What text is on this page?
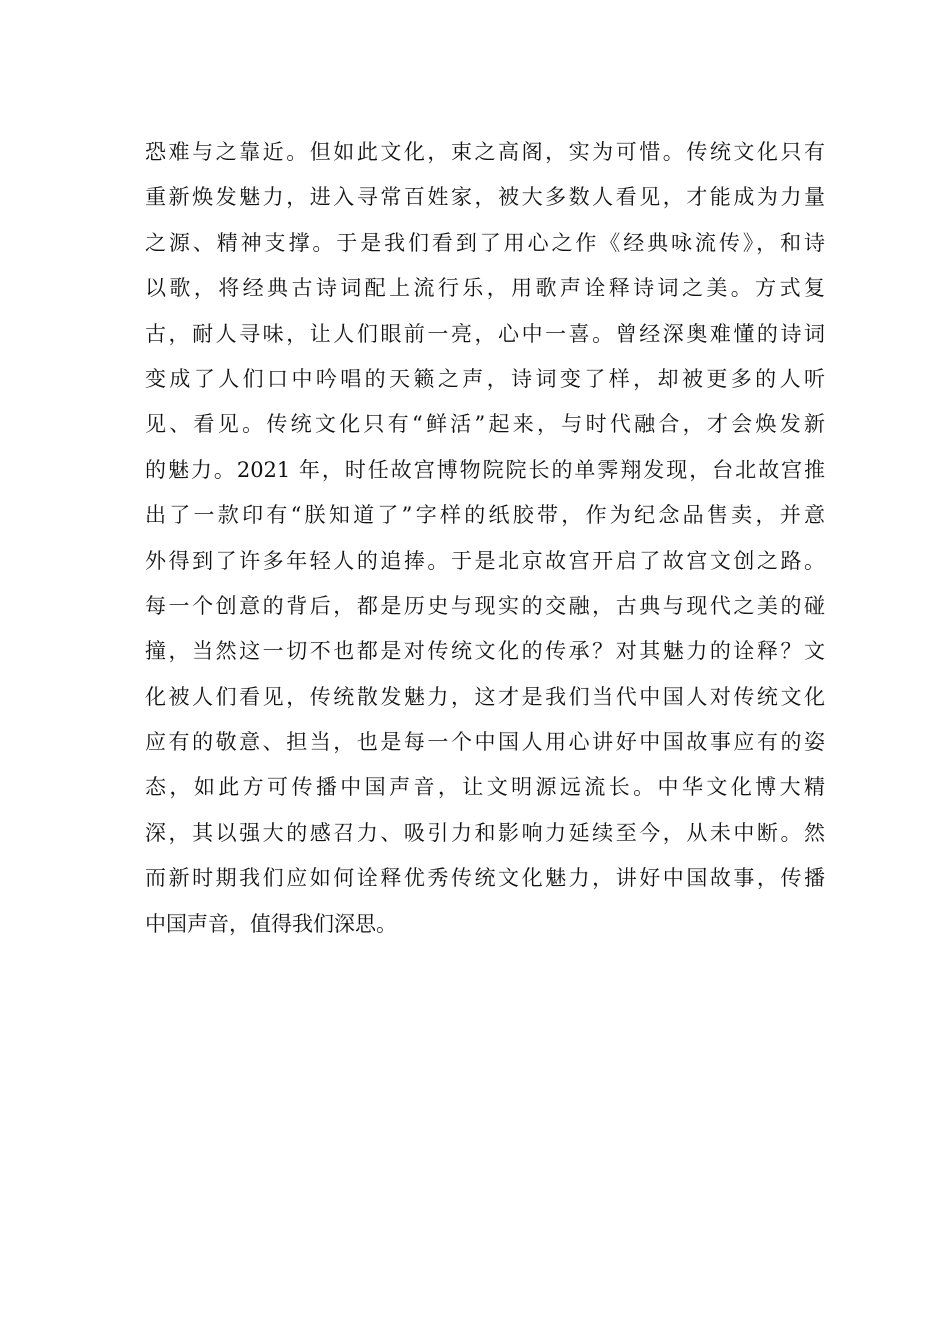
恐难与之靠近。但如此文化，束之高阁，实为可惜。传统文化只有
重新焕发魅力，进入寻常百姓家，被大多数人看见，才能成为力量
之源、精神支撑。于是我们看到了用心之作《经典咏流传》，和诗
以歌，将经典古诗词配上流行乐，用歌声诠释诗词之美。方式复
古，耐人寻味，让人们眼前一亮，心中一喜。曾经深奥难懂的诗词
变成了人们口中吟唱的天籁之声，诗词变了样，却被更多的人听
见、看见。传统文化只有“鲜活”起来，与时代融合，才会焕发新
的魅力。2021 年，时任故宫博物院院长的单霁翔发现，台北故宫推
出了一款印有“朕知道了”字样的纸胶带，作为纪念品售卖，并意
外得到了许多年轻人的追捧。于是北京故宫开启了故宫文创之路。
每一个创意的背后，都是历史与现实的交融，古典与现代之美的碰
撞，当然这一切不也都是对传统文化的传承？对其魅力的诠释？文
化被人们看见，传统散发魅力，这才是我们当代中国人对传统文化
应有的敬意、担当，也是每一个中国人用心讲好中国故事应有的姿
态，如此方可传播中国声音，让文明源远流长。中华文化博大精
深，其以强大的感召力、吸引力和影响力延续至今，从未中断。然
而新时期我们应如何诠释优秀传统文化魅力，讲好中国故事，传播
中国声音，值得我们深思。
